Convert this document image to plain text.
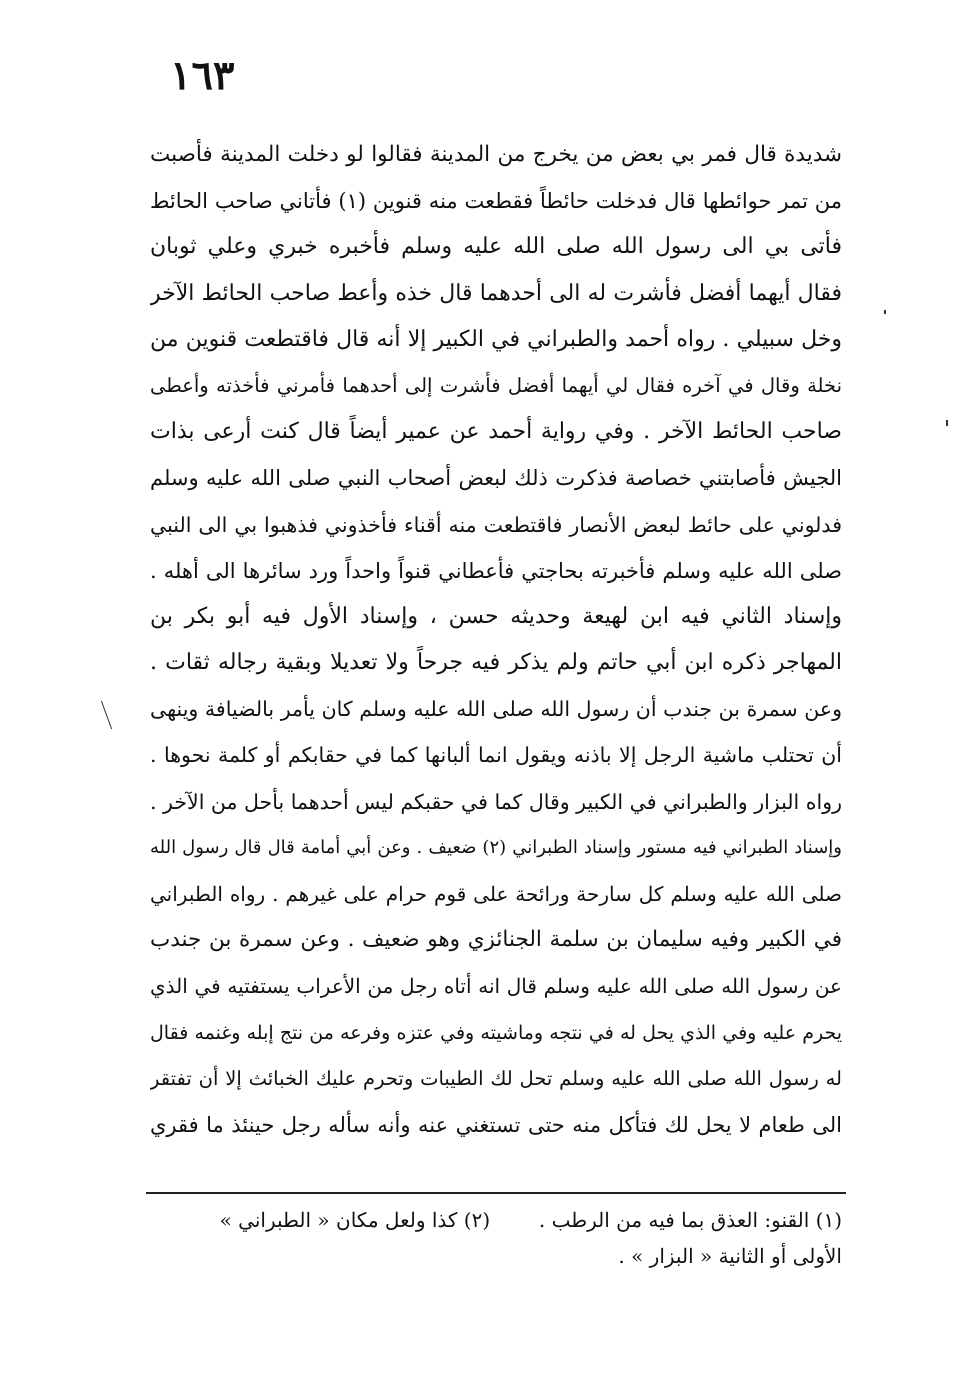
١٦٣
شديدة قال فمر بي بعض من يخرج من المدينة فقالوا لو دخلت المدينة فأصبت
من تمر حوائطها قال فدخلت حائطاً فقطعت منه قنوين (١) فأتاني صاحب الحائط
فأتى بي الى رسول الله صلى الله عليه وسلم فأخبره خبري وعلي ثوبان
فقال أيهما أفضل فأشرت له الى أحدهما قال خذه وأعط صاحب الحائط الآخر
وخل سبيلي . رواه أحمد والطبراني في الكبير إلا أنه قال فاقتطعت قنوين من
نخلة وقال في آخره فقال لي أيهما أفضل فأشرت إلى أحدهما فأمرني فأخذته وأعطى
صاحب الحائط الآخر . وفي رواية أحمد عن عمير أيضاً قال كنت أرعى بذات
الجيش فأصابتني خصاصة فذكرت ذلك لبعض أصحاب النبي صلى الله عليه وسلم
فدلوني على حائط لبعض الأنصار فاقتطعت منه أقناء فأخذوني فذهبوا بي الى النبي
صلى الله عليه وسلم فأخبرته بحاجتي فأعطاني قنواً واحداً ورد سائرها الى أهله .
وإسناد الثاني فيه ابن لهيعة وحديثه حسن ، وإسناد الأول فيه أبو بكر بن
المهاجر ذكره ابن أبي حاتم ولم يذكر فيه جرحاً ولا تعديلا وبقية رجاله ثقات .
وعن سمرة بن جندب أن رسول الله صلى الله عليه وسلم كان يأمر بالضيافة وينهى
أن تحتلب ماشية الرجل إلا باذنه ويقول انما ألبانها كما في حقابكم أو كلمة نحوها .
رواه البزار والطبراني في الكبير وقال كما في حقبكم ليس أحدهما بأحل من الآخر .
وإسناد الطبراني فيه مستور وإسناد الطبراني (٢) ضعيف . وعن أبي أمامة قال قال رسول الله
صلى الله عليه وسلم كل سارحة ورائحة على قوم حرام على غيرهم . رواه الطبراني
في الكبير وفيه سليمان بن سلمة الجنائزي وهو ضعيف . وعن سمرة بن جندب
عن رسول الله صلى الله عليه وسلم قال انه أتاه رجل من الأعراب يستفتيه في الذي
يحرم عليه وفي الذي يحل له في نتجه وماشيته وفي عتزه وفرعه من نتج إبله وغنمه فقال
له رسول الله صلى الله عليه وسلم تحل لك الطيبات وتحرم عليك الخبائث إلا أن تفتقر
الى طعام لا يحل لك فتأكل منه حتى تستغني عنه وأنه سأله رجل حينئذ ما فقري
(١) القنو: العذق بما فيه من الرطب .  (٢) كذا ولعل مكان « الطبراني »
الأولى أو الثانية « البزار » .
